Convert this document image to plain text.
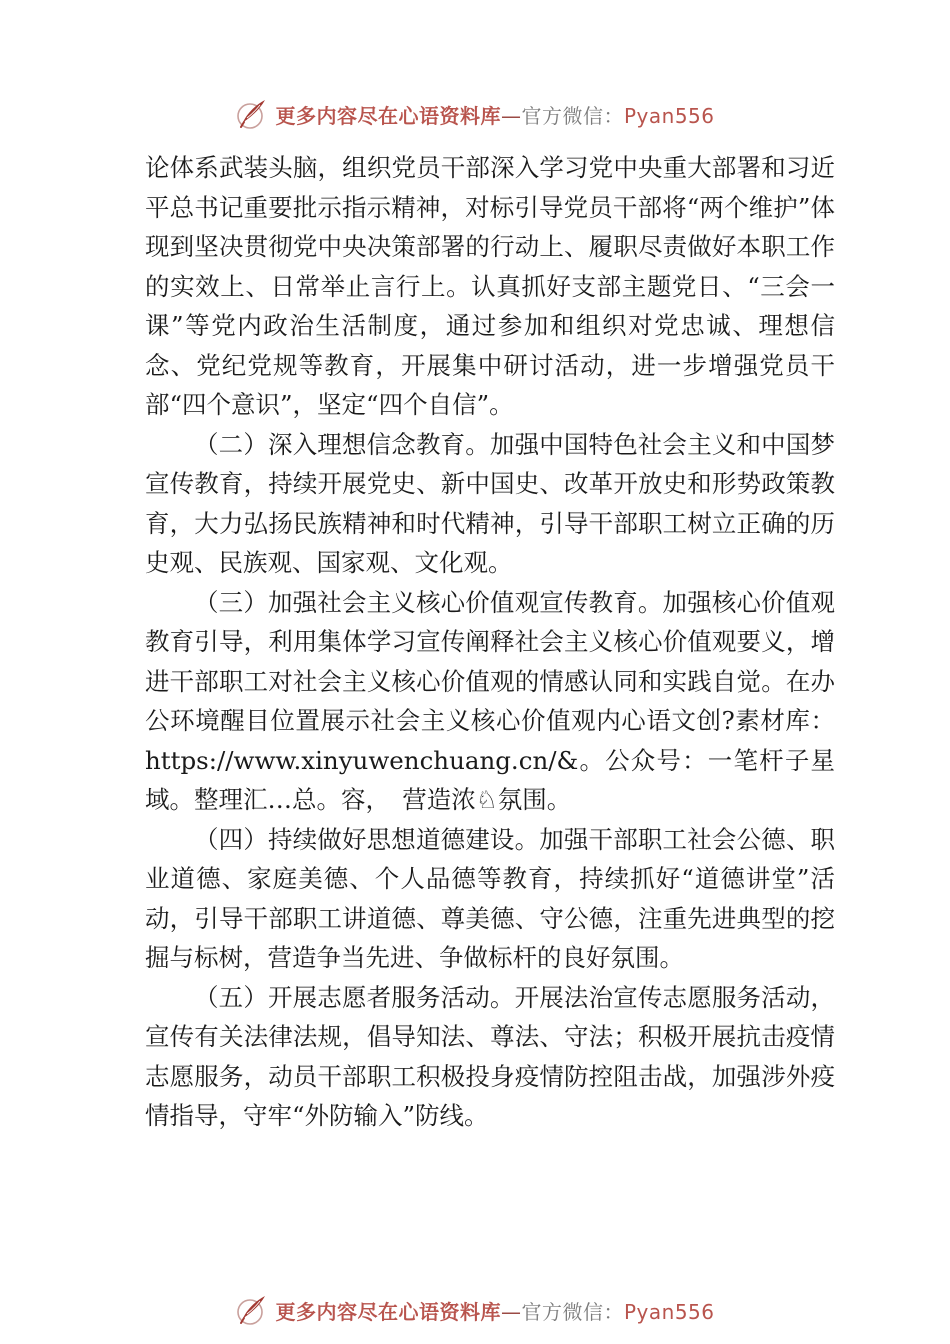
更多内容尽在心语资料库—官方微信：Pyan556

论体系武装头脑，组织党员干部深入学习党中央重大部署和习近平总书记重要批示指示精神，对标引导党员干部将“两个维护”体现到坚决贯彻党中央决策部署的行动上、履职尽责做好本职工作的实效上、日常举止言行上。认真抓好支部主题党日、“三会一课”等党内政治生活制度，通过参加和组织对党忠诚、理想信念、党纪党规等教育，开展集中研讨活动，进一步增强党员干部“四个意识”，坚定“四个自信”。

（二）深入理想信念教育。加强中国特色社会主义和中国梦宣传教育，持续开展党史、新中国史、改革开放史和形势政策教育，大力弘扬民族精神和时代精神，引导干部职工树立正确的历史观、民族观、国家观、文化观。

（三）加强社会主义核心价值观宣传教育。加强核心价值观教育引导，利用集体学习宣传阐释社会主义核心价值观要义，增进干部职工对社会主义核心价值观的情感认同和实践自觉。在办公环境醒目位置展示社会主义核心价值观内心语文创?素材库：https://www.xinyuwenchuang.cn/&。公众号：一笔杆子星域。整理汇…总。容，　营造浓♘氛围。

（四）持续做好思想道德建设。加强干部职工社会公德、职业道德、家庭美德、个人品德等教育，持续抓好“道德讲堂”活动，引导干部职工讲道德、尊美德、守公德，注重先进典型的挖掘与标树，营造争当先进、争做标杆的良好氛围。

（五）开展志愿者服务活动。开展法治宣传志愿服务活动，宣传有关法律法规，倡导知法、尊法、守法；积极开展抗击疫情志愿服务，动员干部职工积极投身疫情防控阻击战，加强涉外疫情指导，守牢“外防输入”防线。

更多内容尽在心语资料库—官方微信：Pyan556
